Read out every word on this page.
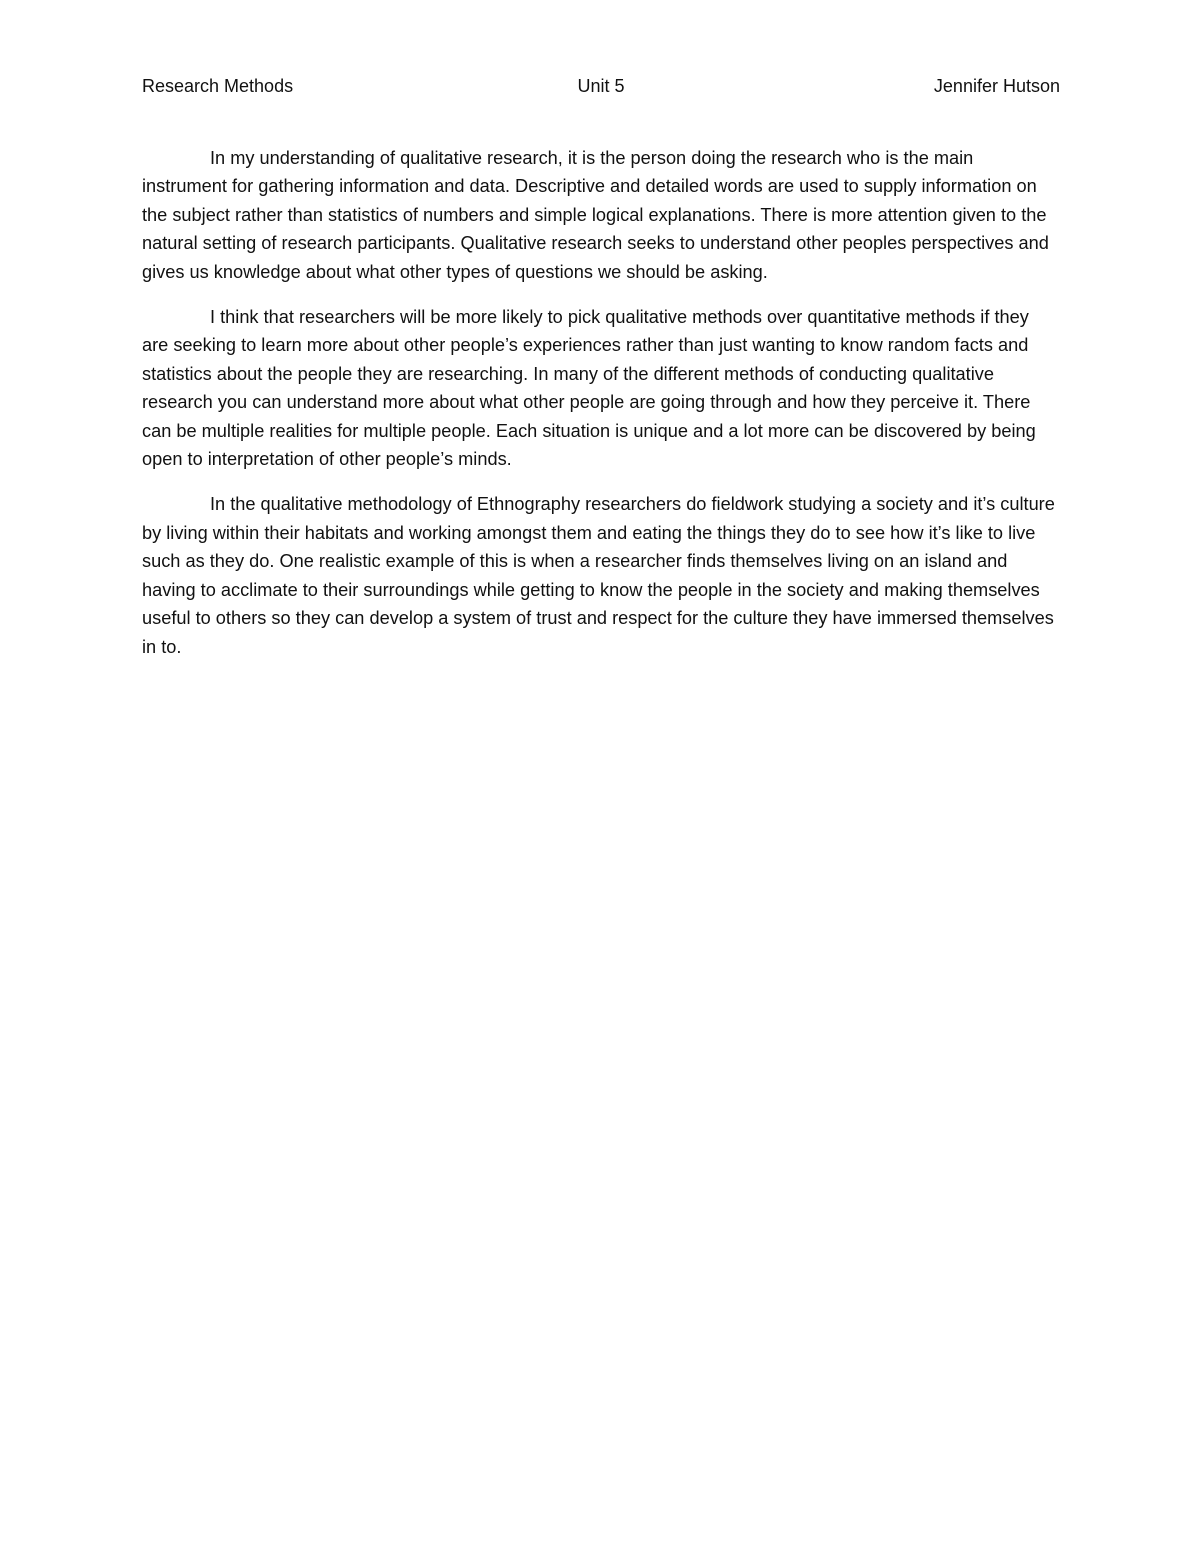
Research Methods	Unit 5	Jennifer Hutson

In my understanding of qualitative research, it is the person doing the research who is the main instrument for gathering information and data. Descriptive and detailed words are used to supply information on the subject rather than statistics of numbers and simple logical explanations. There is more attention given to the natural setting of research participants. Qualitative research seeks to understand other peoples perspectives and gives us knowledge about what other types of questions we should be asking.

I think that researchers will be more likely to pick qualitative methods over quantitative methods if they are seeking to learn more about other people’s experiences rather than just wanting to know random facts and statistics about the people they are researching. In many of the different methods of conducting qualitative research you can understand more about what other people are going through and how they perceive it. There can be multiple realities for multiple people. Each situation is unique and a lot more can be discovered by being open to interpretation of other people’s minds.

In the qualitative methodology of Ethnography researchers do fieldwork studying a society and it’s culture by living within their habitats and working amongst them and eating the things they do to see how it’s like to live such as they do. One realistic example of this is when a researcher finds themselves living on an island and having to acclimate to their surroundings while getting to know the people in the society and making themselves useful to others so they can develop a system of trust and respect for the culture they have immersed themselves in to.
